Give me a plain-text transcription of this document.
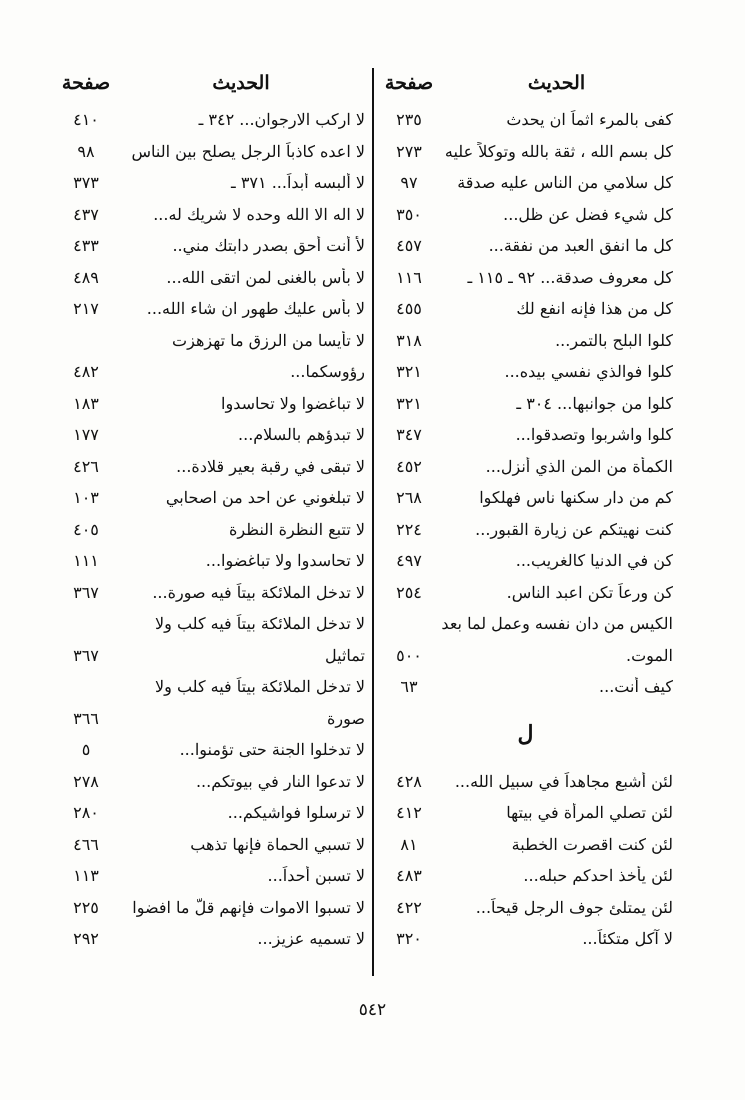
الحديث
صفحة
كفى بالمرء اثماً ان يحدث
٢٣٥
كل بسم الله ، ثقة بالله وتوكلاً عليه
٢٧٣
كل سلامي من الناس عليه صدقة
٩٧
كل شيء فضل عن ظل...
٣٥٠
كل ما انفق العبد من نفقة...
٤٥٧
كل معروف صدقة... ٩٢ ـ ١١٥ ـ
١١٦
كل من هذا فإنه انفع لك
٤٥٥
كلوا البلح بالتمر...
٣١٨
كلوا فوالذي نفسي بيده...
٣٢١
كلوا من جوانبها... ٣٠٤ ـ
٣٢١
كلوا واشربوا وتصدقوا...
٣٤٧
الكمأة من المن الذي أنزل...
٤٥٢
كم من دار سكنها ناس فهلكوا
٢٦٨
كنت نهيتكم عن زيارة القبور...
٢٢٤
كن في الدنيا كالغريب...
٤٩٧
كن ورعاً تكن اعبد الناس.
٢٥٤
الكيس من دان نفسه وعمل لما بعد
الموت.
٥٠٠
كيف أنت...
٦٣
ل
لئن أشبع مجاهداً في سبيل الله...
٤٢٨
لئن تصلي المرأة في بيتها
٤١٢
لئن كنت اقصرت الخطبة
٨١
لئن يأخذ احدكم حبله...
٤٨٣
لئن يمتلئ جوف الرجل قيحاً...
٤٢٢
لا آكل متكئاً...
٣٢٠
الحديث
صفحة
لا اركب الارجوان... ٣٤٢ ـ
٤١٠
لا اعده كاذباً الرجل يصلح بين الناس
٩٨
لا ألبسه أبداً... ٣٧١ ـ
٣٧٣
لا اله الا الله وحده لا شريك له...
٤٣٧
لأ أنت أحق بصدر دابتك مني..
٤٣٣
لا بأس بالغنى لمن اتقى الله...
٤٨٩
لا بأس عليك طهور ان شاء الله...
٢١٧
لا تأيسا من الرزق ما تهزهزت
رؤوسكما...
٤٨٢
لا تباغضوا ولا تحاسدوا
١٨٣
لا تبدؤهم بالسلام...
١٧٧
لا تبقى في رقبة بعير قلادة...
٤٢٦
لا تبلغوني عن احد من اصحابي
١٠٣
لا تتبع النظرة النظرة
٤٠٥
لا تحاسدوا ولا تباغضوا...
١١١
لا تدخل الملائكة بيتاً فيه صورة...
٣٦٧
لا تدخل الملائكة بيتاً فيه كلب ولا
تماثيل
٣٦٧
لا تدخل الملائكة بيتاً فيه كلب ولا
صورة
٣٦٦
لا تدخلوا الجنة حتى تؤمنوا...
٥
لا تدعوا النار في بيوتكم...
٢٧٨
لا ترسلوا فواشيكم...
٢٨٠
لا تسبي الحماة فإنها تذهب
٤٦٦
لا تسبن أحداً...
١١٣
لا تسبوا الاموات فإنهم قلّ ما افضوا
٢٢٥
لا تسميه عزيز...
٢٩٢
٥٤٢
